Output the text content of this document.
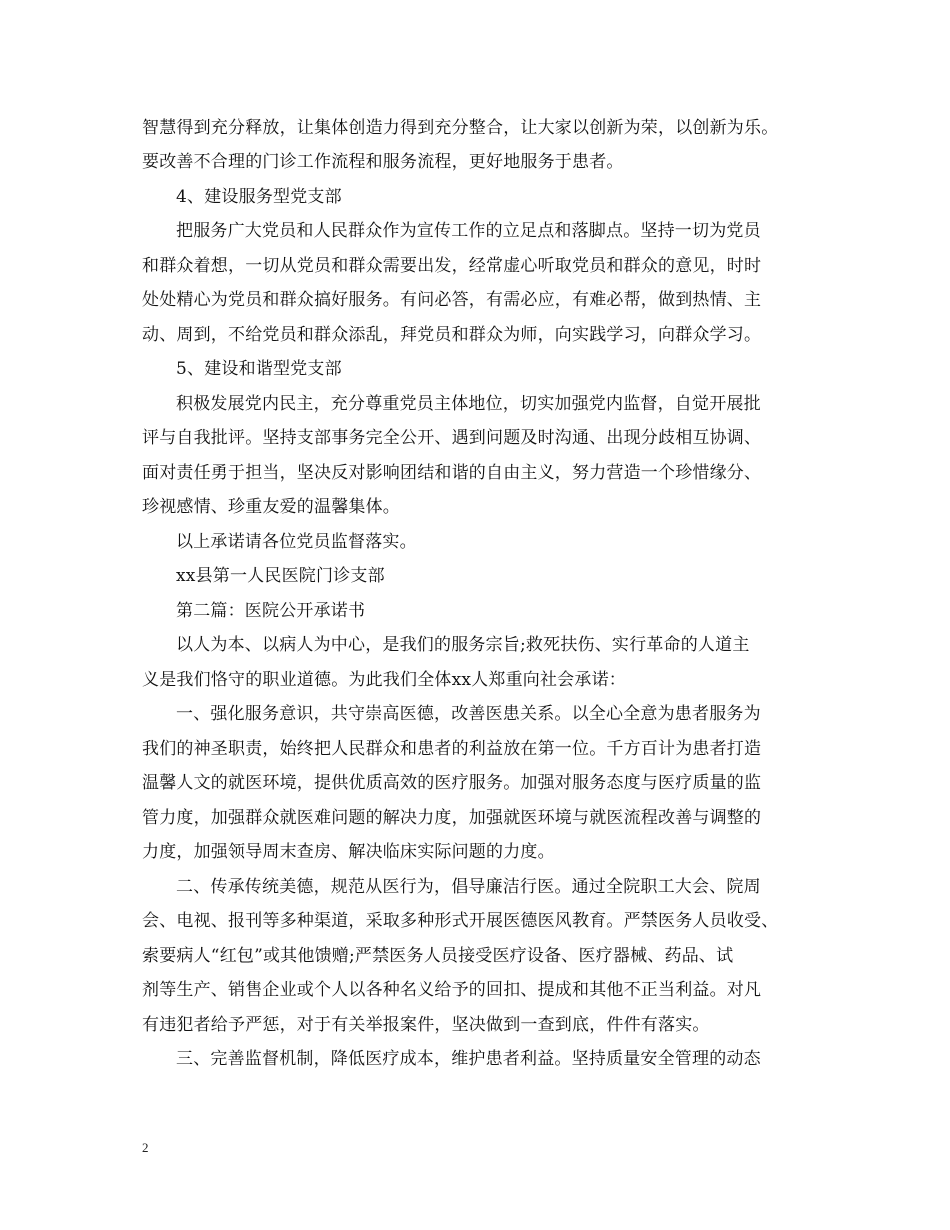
智慧得到充分释放，让集体创造力得到充分整合，让大家以创新为荣，以创新为乐。
要改善不合理的门诊工作流程和服务流程，更好地服务于患者。
4、建设服务型党支部
把服务广大党员和人民群众作为宣传工作的立足点和落脚点。坚持一切为党员
和群众着想，一切从党员和群众需要出发，经常虚心听取党员和群众的意见，时时
处处精心为党员和群众搞好服务。有问必答，有需必应，有难必帮，做到热情、主
动、周到，不给党员和群众添乱，拜党员和群众为师，向实践学习，向群众学习。
5、建设和谐型党支部
积极发展党内民主，充分尊重党员主体地位，切实加强党内监督，自觉开展批
评与自我批评。坚持支部事务完全公开、遇到问题及时沟通、出现分歧相互协调、
面对责任勇于担当，坚决反对影响团结和谐的自由主义，努力营造一个珍惜缘分、
珍视感情、珍重友爱的温馨集体。
以上承诺请各位党员监督落实。
xx县第一人民医院门诊支部
第二篇：医院公开承诺书
以人为本、以病人为中心，是我们的服务宗旨;救死扶伤、实行革命的人道主
义是我们恪守的职业道德。为此我们全体xx人郑重向社会承诺：
一、强化服务意识，共守崇高医德，改善医患关系。以全心全意为患者服务为
我们的神圣职责，始终把人民群众和患者的利益放在第一位。千方百计为患者打造
温馨人文的就医环境，提供优质高效的医疗服务。加强对服务态度与医疗质量的监
管力度，加强群众就医难问题的解决力度，加强就医环境与就医流程改善与调整的
力度，加强领导周末查房、解决临床实际问题的力度。
二、传承传统美德，规范从医行为，倡导廉洁行医。通过全院职工大会、院周
会、电视、报刊等多种渠道，采取多种形式开展医德医风教育。严禁医务人员收受、
索要病人“红包”或其他馈赠;严禁医务人员接受医疗设备、医疗器械、药品、试
剂等生产、销售企业或个人以各种名义给予的回扣、提成和其他不正当利益。对凡
有违犯者给予严惩，对于有关举报案件，坚决做到一查到底，件件有落实。
三、完善监督机制，降低医疗成本，维护患者利益。坚持质量安全管理的动态
2
